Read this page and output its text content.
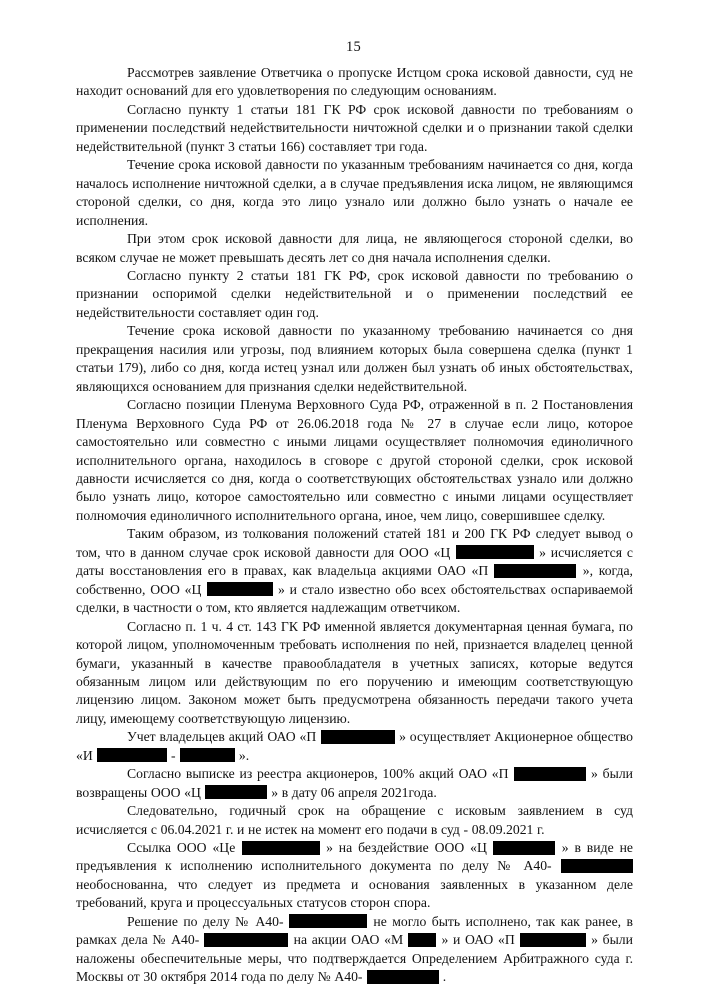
15

Рассмотрев заявление Ответчика о пропуске Истцом срока исковой давности, суд не находит оснований для его удовлетворения по следующим основаниям.

Согласно пункту 1 статьи 181 ГК РФ срок исковой давности по требованиям о применении последствий недействительности ничтожной сделки и о признании такой сделки недействительной (пункт 3 статьи 166) составляет три года.

Течение срока исковой давности по указанным требованиям начинается со дня, когда началось исполнение ничтожной сделки, а в случае предъявления иска лицом, не являющимся стороной сделки, со дня, когда это лицо узнало или должно было узнать о начале ее исполнения.

При этом срок исковой давности для лица, не являющегося стороной сделки, во всяком случае не может превышать десять лет со дня начала исполнения сделки.

Согласно пункту 2 статьи 181 ГК РФ, срок исковой давности по требованию о признании оспоримой сделки недействительной и о применении последствий ее недействительности составляет один год.

Течение срока исковой давности по указанному требованию начинается со дня прекращения насилия или угрозы, под влиянием которых была совершена сделка (пункт 1 статьи 179), либо со дня, когда истец узнал или должен был узнать об иных обстоятельствах, являющихся основанием для признания сделки недействительной.

Согласно позиции Пленума Верховного Суда РФ, отраженной в п. 2 Постановления Пленума Верховного Суда РФ от 26.06.2018 года № 27 в случае если лицо, которое самостоятельно или совместно с иными лицами осуществляет полномочия единоличного исполнительного органа, находилось в сговоре с другой стороной сделки, срок исковой давности исчисляется со дня, когда о соответствующих обстоятельствах узнало или должно было узнать лицо, которое самостоятельно или совместно с иными лицами осуществляет полномочия единоличного исполнительного органа, иное, чем лицо, совершившее сделку.

Таким образом, из толкования положений статей 181 и 200 ГК РФ следует вывод о том, что в данном случае срок исковой давности для ООО «Ц	» исчисляется с даты восстановления его в правах, как владельца акциями ОАО «П	», когда, собственно, ООО «Ц	» и стало известно обо всех обстоятельствах оспариваемой сделки, в частности о том, кто является надлежащим ответчиком.

Согласно п. 1 ч. 4 ст. 143 ГК РФ именной является документарная ценная бумага, по которой лицом, уполномоченным требовать исполнения по ней, признается владелец ценной бумаги, указанный в качестве правообладателя в учетных записях, которые ведутся обязанным лицом или действующим по его поручению и имеющим соответствующую лицензию лицом. Законом может быть предусмотрена обязанность передачи такого учета лицу, имеющему соответствующую лицензию.

Учет владельцев акций ОАО «П	» осуществляет Акционерное общество «И	-	».

Согласно выписке из реестра акционеров, 100% акций ОАО «П	» были возвращены ООО «Ц	» в дату 06 апреля 2021года.

Следовательно, годичный срок на обращение с исковым заявлением в суд исчисляется с 06.04.2021 г. и не истек на момент его подачи в суд - 08.09.2021 г.

Ссылка ООО «Це	» на бездействие ООО «Ц	» в виде не предъявления к исполнению исполнительного документа по делу № А40-  необоснованна, что следует из предмета и основания заявленных в указанном деле требований, круга и процессуальных статусов сторон спора.

Решение по делу № А40-	не могло быть исполнено, так как ранее, в рамках дела № А40-	на акции ОАО «М  » и ОАО «П	» были наложены обеспечительные меры, что подтверждается Определением Арбитражного суда г. Москвы от 30 октября 2014 года по делу № А40-	.
